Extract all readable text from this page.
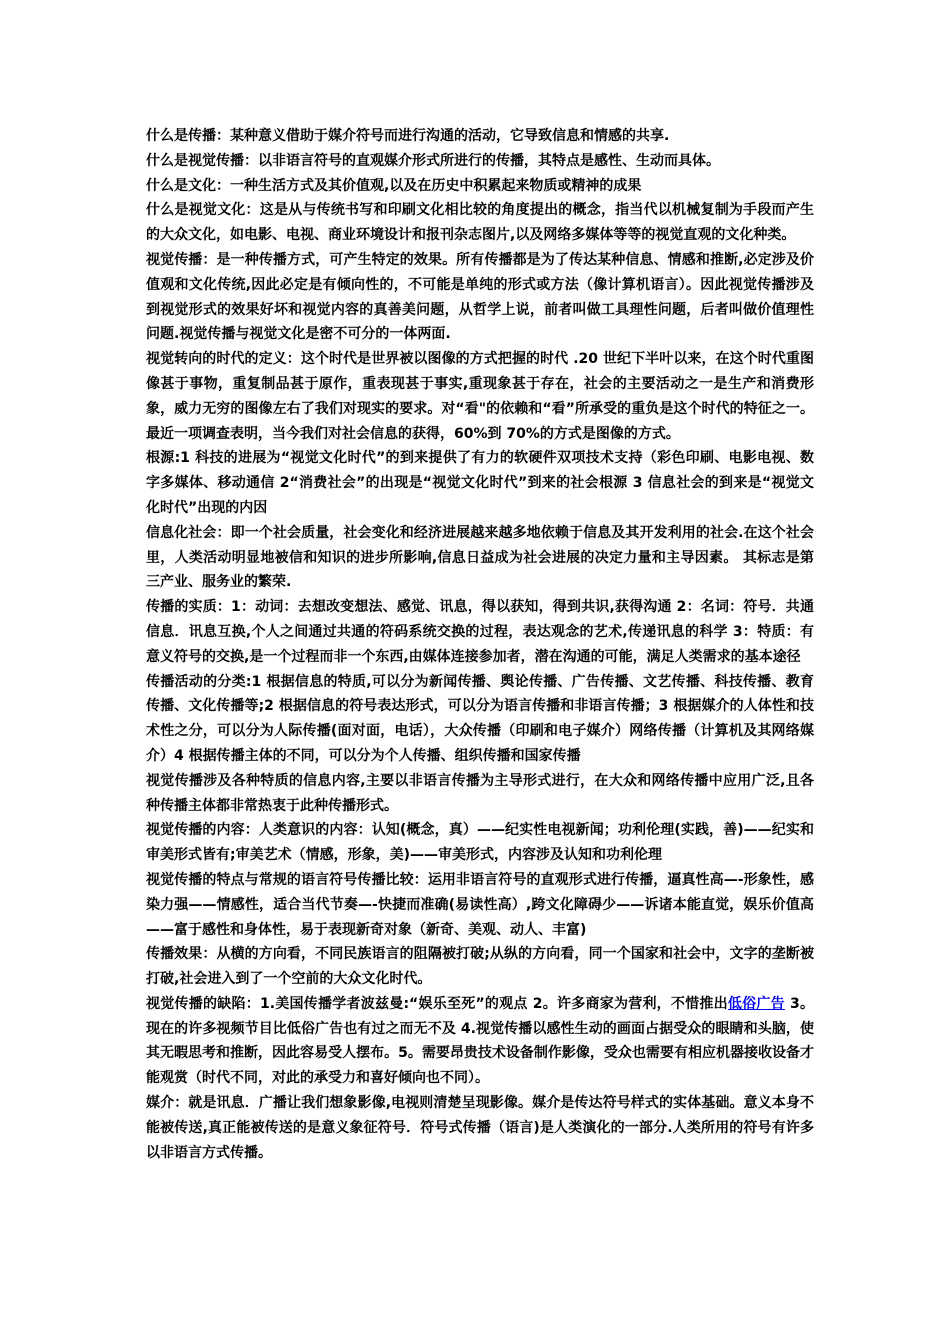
什么是传播：某种意义借助于媒介符号而进行沟通的活动，它导致信息和情感的共享.

什么是视觉传播：以非语言符号的直观媒介形式所进行的传播，其特点是感性、生动而具体。

什么是文化：一种生活方式及其价值观,以及在历史中积累起来物质或精神的成果

什么是视觉文化：这是从与传统书写和印刷文化相比较的角度提出的概念，指当代以机械复制为手段而产生的大众文化，如电影、电视、商业环境设计和报刊杂志图片,以及网络多媒体等等的视觉直观的文化种类。

视觉传播：是一种传播方式，可产生特定的效果。所有传播都是为了传达某种信息、情感和推断,必定涉及价值观和文化传统,因此必定是有倾向性的，不可能是单纯的形式或方法（像计算机语言）。因此视觉传播涉及到视觉形式的效果好坏和视觉内容的真善美问题，从哲学上说，前者叫做工具理性问题，后者叫做价值理性问题.视觉传播与视觉文化是密不可分的一体两面.

视觉转向的时代的定义：这个时代是世界被以图像的方式把握的时代 .20 世纪下半叶以来，在这个时代重图像甚于事物，重复制品甚于原作，重表现甚于事实,重现象甚于存在，社会的主要活动之一是生产和消费形象，威力无穷的图像左右了我们对现实的要求。对“看"的依赖和“看”所承受的重负是这个时代的特征之一。最近一项调查表明，当今我们对社会信息的获得，60%到 70%的方式是图像的方式。

根源:1 科技的进展为“视觉文化时代”的到来提供了有力的软硬件双项技术支持（彩色印刷、电影电视、数字多媒体、移动通信 2“消费社会”的出现是“视觉文化时代”到来的社会根源 3 信息社会的到来是“视觉文化时代”出现的内因

信息化社会：即一个社会质量，社会变化和经济进展越来越多地依赖于信息及其开发利用的社会.在这个社会里，人类活动明显地被信和知识的进步所影响,信息日益成为社会进展的决定力量和主导因素。 其标志是第三产业、服务业的繁荣.

传播的实质：1：动词：去想改变想法、感觉、讯息，得以获知，得到共识,获得沟通 2：名词：符号．共通信息．讯息互换,个人之间通过共通的符码系统交换的过程，表达观念的艺术,传递讯息的科学 3：特质：有意义符号的交换,是一个过程而非一个东西,由媒体连接参加者，潜在沟通的可能，满足人类需求的基本途径

传播活动的分类:1 根据信息的特质,可以分为新闻传播、舆论传播、广告传播、文艺传播、科技传播、教育传播、文化传播等;2 根据信息的符号表达形式，可以分为语言传播和非语言传播；3 根据媒介的人体性和技术性之分，可以分为人际传播(面对面，电话），大众传播（印刷和电子媒介）网络传播（计算机及其网络媒介）4 根据传播主体的不同，可以分为个人传播、组织传播和国家传播

视觉传播涉及各种特质的信息内容,主要以非语言传播为主导形式进行，在大众和网络传播中应用广泛,且各种传播主体都非常热衷于此种传播形式。

视觉传播的内容：人类意识的内容：认知(概念，真）——纪实性电视新闻；功利伦理(实践，善)——纪实和审美形式皆有;审美艺术（情感，形象，美)——审美形式，内容涉及认知和功利伦理

视觉传播的特点与常规的语言符号传播比较：运用非语言符号的直观形式进行传播，逼真性高—-形象性，感染力强——情感性，适合当代节奏—-快捷而准确(易读性高）,跨文化障碍少——诉诸本能直觉，娱乐价值高——富于感性和身体性，易于表现新奇对象（新奇、美观、动人、丰富)

传播效果：从横的方向看，不同民族语言的阻隔被打破;从纵的方向看，同一个国家和社会中，文字的垄断被打破,社会进入到了一个空前的大众文化时代。

视觉传播的缺陷：1.美国传播学者波兹曼:“娱乐至死”的观点 2。许多商家为营利，不惜推出低俗广告 3。现在的许多视频节目比低俗广告也有过之而无不及 4.视觉传播以感性生动的画面占据受众的眼睛和头脑，使其无暇思考和推断，因此容易受人摆布。5。需要昂贵技术设备制作影像，受众也需要有相应机器接收设备才能观赏（时代不同，对此的承受力和喜好倾向也不同）。

媒介：就是讯息．广播让我们想象影像,电视则清楚呈现影像。媒介是传达符号样式的实体基础。意义本身不能被传送,真正能被传送的是意义象征符号．符号式传播（语言)是人类演化的一部分.人类所用的符号有许多以非语言方式传播。
